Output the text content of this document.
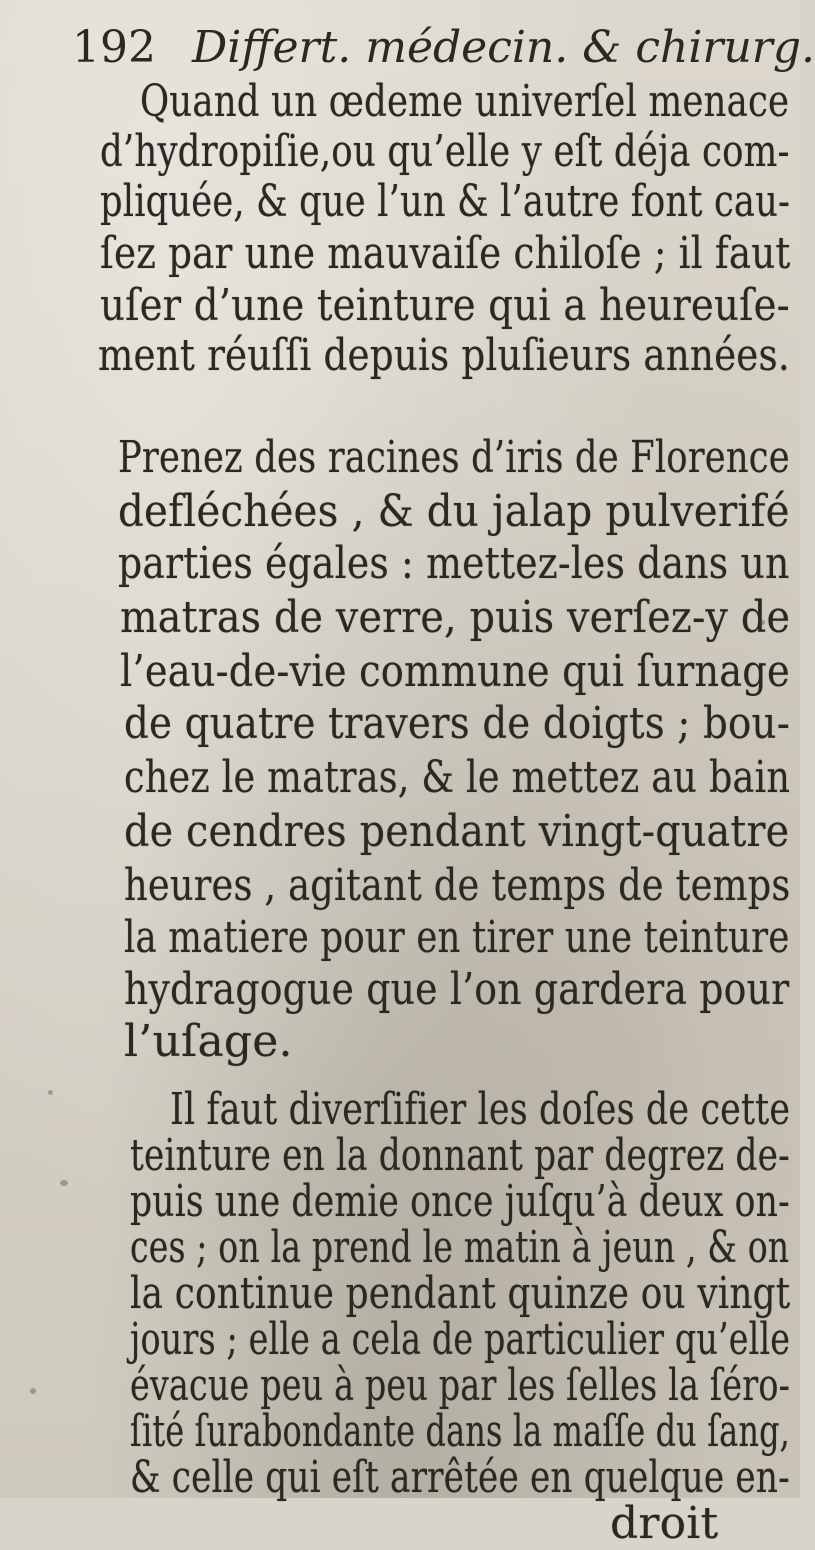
192 Differt. médecin. & chirurg.
Quand un œdeme univerſel menace
d’hydropiſie,ou qu’elle y eſt déja com-
pliquée, & que l’un & l’autre font cau-
ſez par une mauvaiſe chiloſe ; il faut
uſer d’une teinture qui a heureuſe-
ment réuſſi depuis pluſieurs années.
Prenez des racines d’iris de Florence
defléchées , & du jalap pulverifé
parties égales : mettez-les dans un
matras de verre, puis verſez-y de
l’eau-de-vie commune qui ſurnage
de quatre travers de doigts ; bou-
chez le matras, & le mettez au bain
de cendres pendant vingt-quatre
heures , agitant de temps de temps
la matiere pour en tirer une teinture
hydragogue que l’on gardera pour
l’uſage.
Il faut diverſifier les doſes de cette
teinture en la donnant par degrez de-
puis une demie once juſqu’à deux on-
ces ; on la prend le matin à jeun , & on
la continue pendant quinze ou vingt
jours ; elle a cela de particulier qu’elle
évacue peu à peu par les ſelles la ſéro-
ſité ſurabondante dans la maſſe du ſang,
& celle qui eſt arrêtée en quelque en-
droit
